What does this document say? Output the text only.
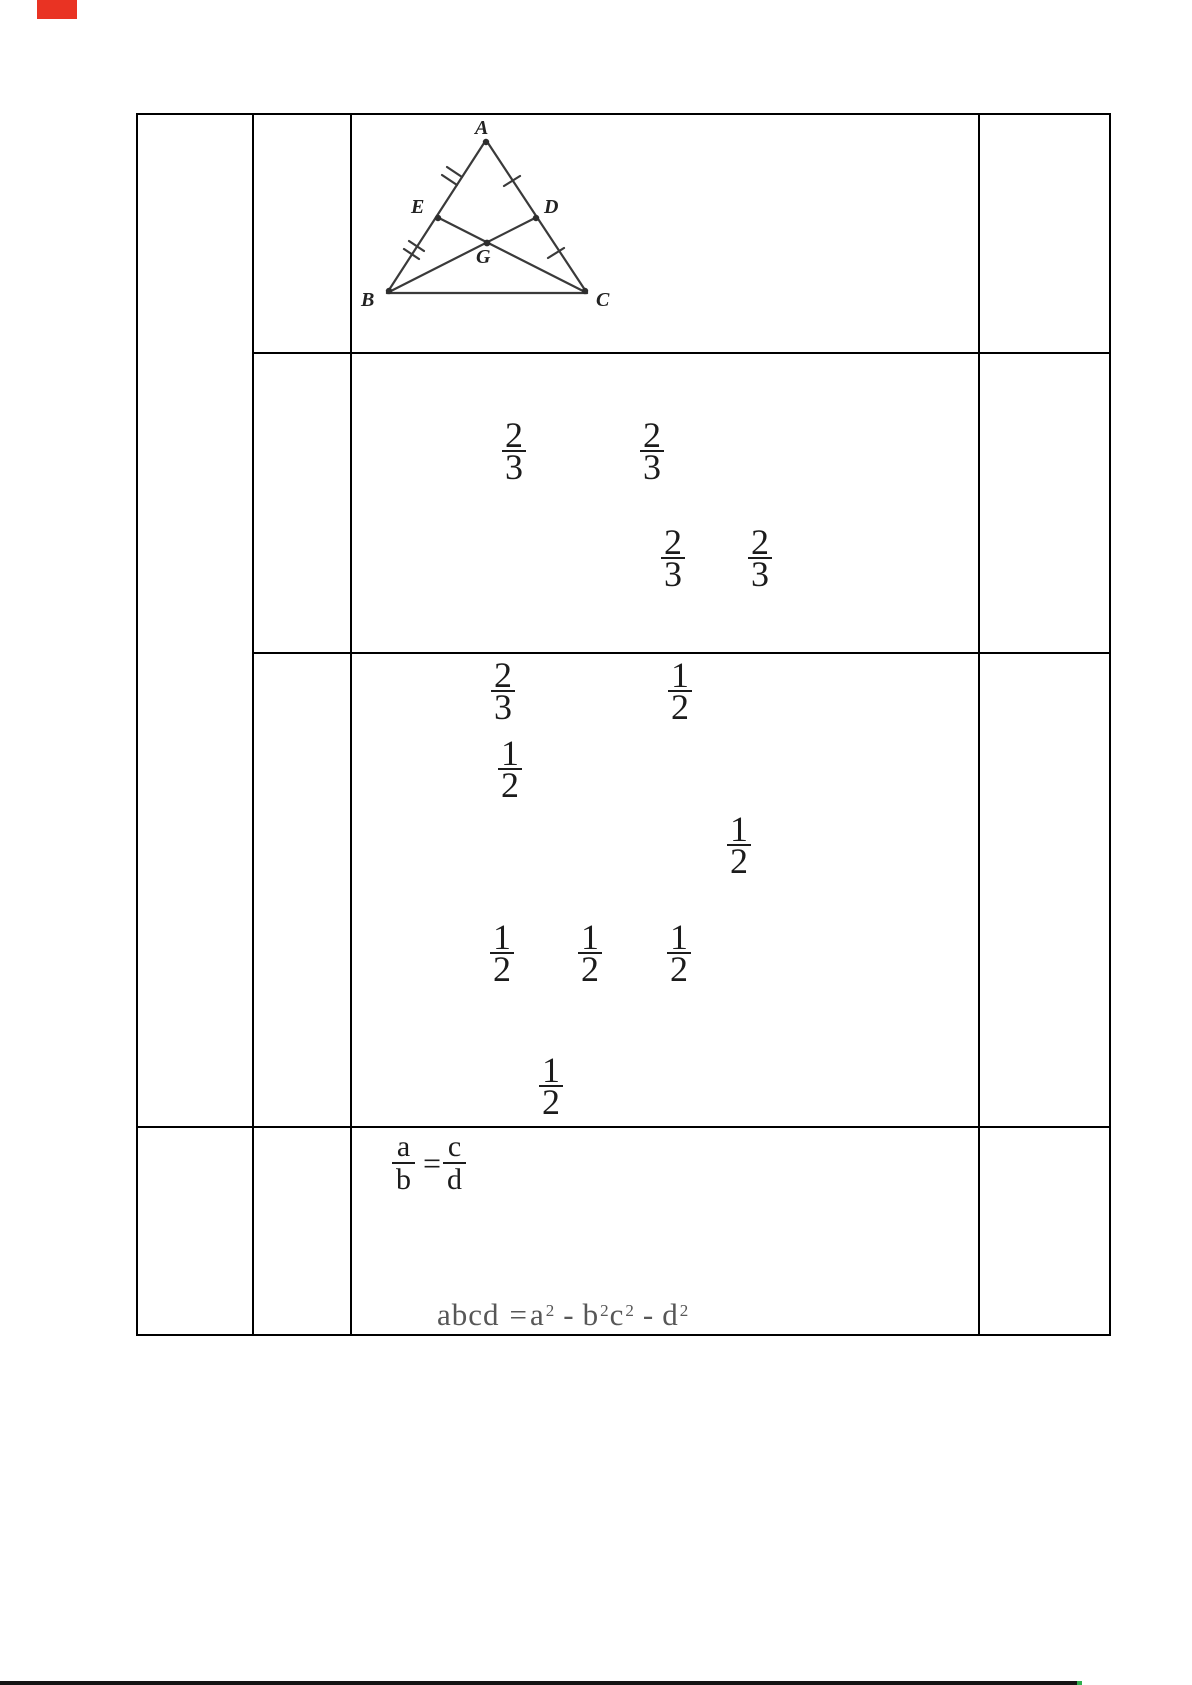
A
B	C
E	D
G
$\frac{2}{3}$	$\frac{2}{3}$
$\frac{2}{3} \frac{2}{3}$
$\frac{2}{3}$	$\frac{1}{2}$
$\frac{1}{2}$
$\frac{1}{2}$
$\frac{1}{2} \frac{1}{2} \frac{1}{2}$
$\frac{1}{2}$
$\frac{a}{b} = \frac{c}{d}$
abcd $=a^2 - b^2c^2 - d^2$
